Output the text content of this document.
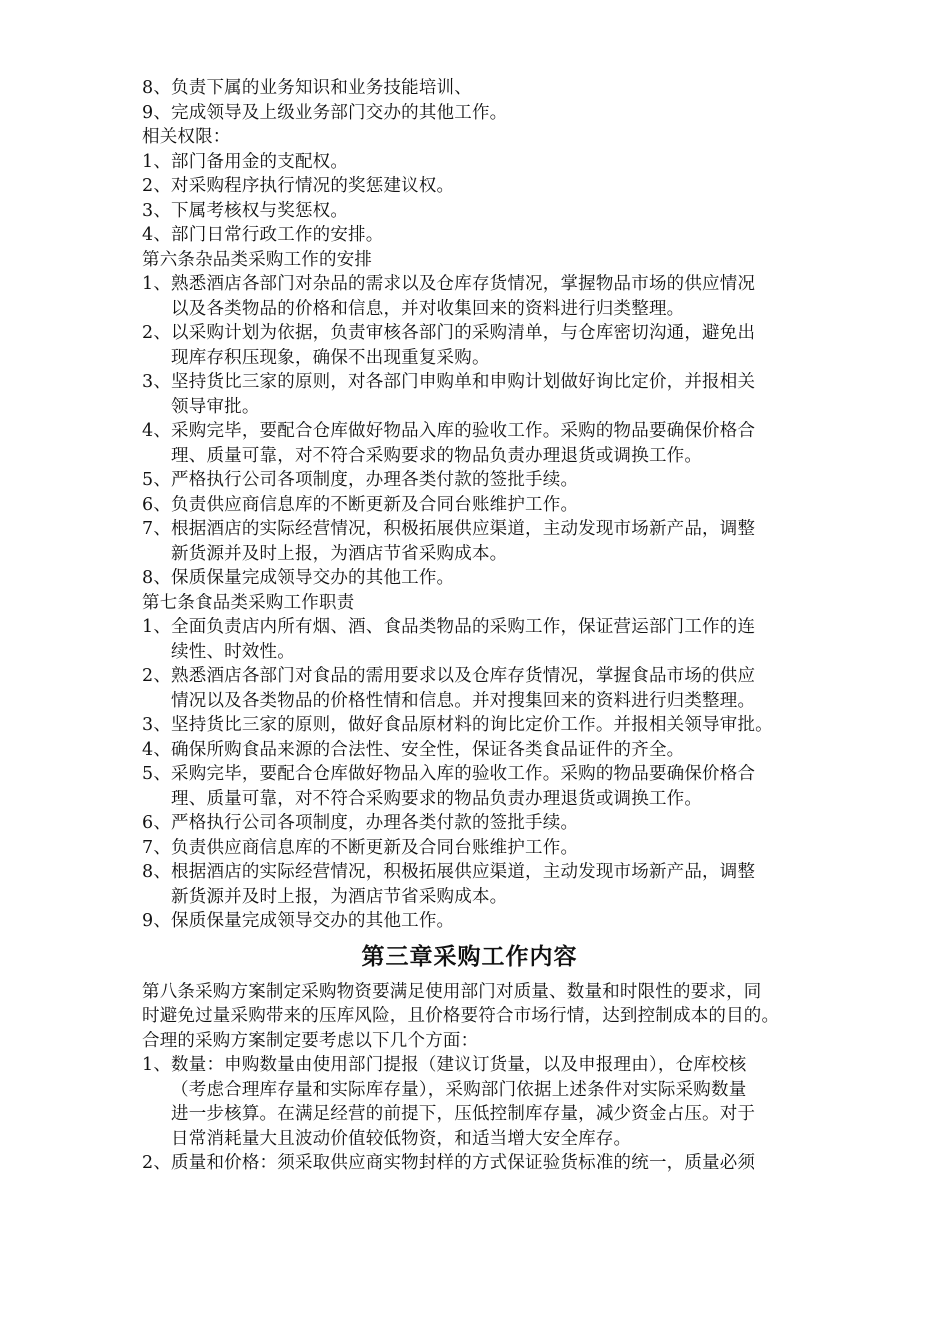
8、 负责下属的业务知识和业务技能培训、
9、 完成领导及上级业务部门交办的其他工作。
相关权限：
1、 部门备用金的支配权。
2、 对采购程序执行情况的奖惩建议权。
3、 下属考核权与奖惩权。
4、 部门日常行政工作的安排。
第六条杂品类采购工作的安排
1、 熟悉酒店各部门对杂品的需求以及仓库存货情况，掌握物品市场的供应情况
以及各类物品的价格和信息，并对收集回来的资料进行归类整理。
2、 以采购计划为依据，负责审核各部门的采购清单，与仓库密切沟通，避免出
现库存积压现象，确保不出现重复采购。
3、 坚持货比三家的原则，对各部门申购单和申购计划做好询比定价，并报相关
领导审批。
4、 采购完毕，要配合仓库做好物品入库的验收工作。采购的物品要确保价格合
理、质量可靠，对不符合采购要求的物品负责办理退货或调换工作。
5、 严格执行公司各项制度，办理各类付款的签批手续。
6、 负责供应商信息库的不断更新及合同台账维护工作。
7、 根据酒店的实际经营情况，积极拓展供应渠道，主动发现市场新产品，调整
新货源并及时上报，为酒店节省采购成本。
8、 保质保量完成领导交办的其他工作。
第七条食品类采购工作职责
1、 全面负责店内所有烟、酒、食品类物品的采购工作，保证营运部门工作的连
续性、时效性。
2、 熟悉酒店各部门对食品的需用要求以及仓库存货情况，掌握食品市场的供应
情况以及各类物品的价格性情和信息。并对搜集回来的资料进行归类整理。
3、 坚持货比三家的原则，做好食品原材料的询比定价工作。并报相关领导审批。
4、 确保所购食品来源的合法性、安全性，保证各类食品证件的齐全。
5、 采购完毕，要配合仓库做好物品入库的验收工作。采购的物品要确保价格合
理、质量可靠，对不符合采购要求的物品负责办理退货或调换工作。
6、 严格执行公司各项制度，办理各类付款的签批手续。
7、 负责供应商信息库的不断更新及合同台账维护工作。
8、 根据酒店的实际经营情况，积极拓展供应渠道，主动发现市场新产品，调整
新货源并及时上报，为酒店节省采购成本。
9、 保质保量完成领导交办的其他工作。
第三章采购工作内容
第八条采购方案制定采购物资要满足使用部门对质量、数量和时限性的要求，同
时避免过量采购带来的压库风险，且价格要符合市场行情，达到控制成本的目的。
合理的采购方案制定要考虑以下几个方面：
1、 数量：申购数量由使用部门提报（建议订货量，以及申报理由），仓库校核
（考虑合理库存量和实际库存量），采购部门依据上述条件对实际采购数量
进一步核算。在满足经营的前提下，压低控制库存量，减少资金占压。对于
日常消耗量大且波动价值较低物资，和适当增大安全库存。
2、 质量和价格：须采取供应商实物封样的方式保证验货标准的统一，质量必须
